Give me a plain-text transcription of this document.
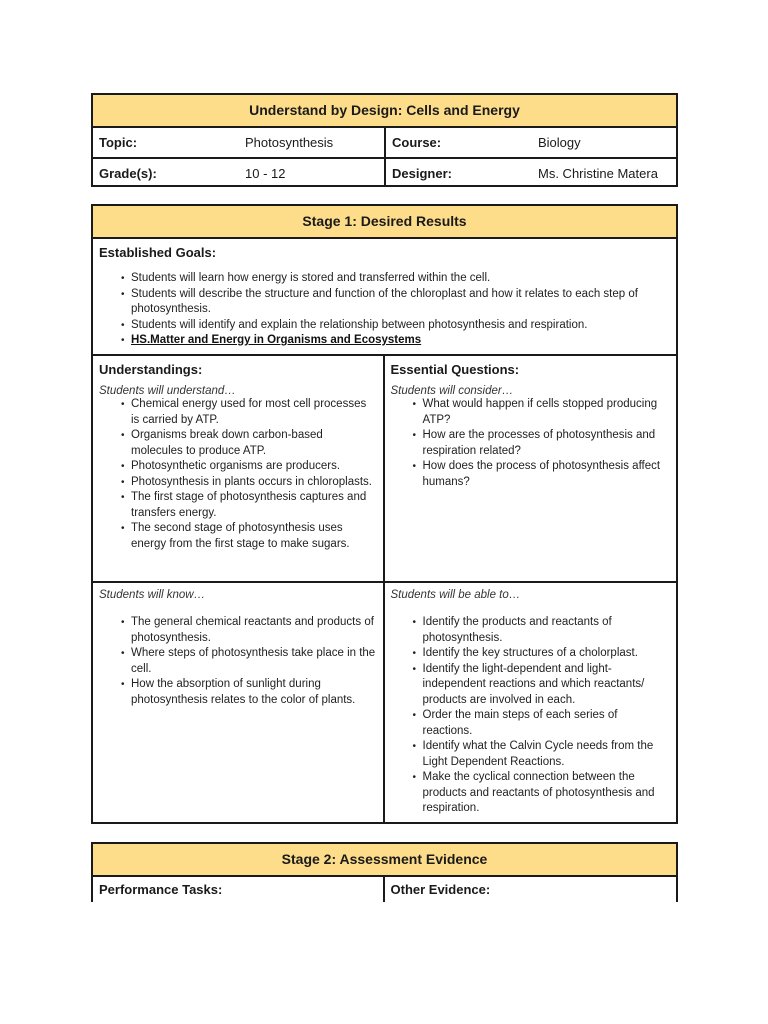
Understand by Design: Cells and Energy
Topic:	Photosynthesis	Course:	Biology
Grade(s):	10 - 12	Designer:	Ms. Christine Matera
Stage 1: Desired Results
Established Goals:
• Students will learn how energy is stored and transferred within the cell.
• Students will describe the structure and function of the chloroplast and how it relates to each step of photosynthesis.
• Students will identify and explain the relationship between photosynthesis and respiration.
• HS.Matter and Energy in Organisms and Ecosystems
Understandings:
Students will understand…
• Chemical energy used for most cell processes is carried by ATP.
• Organisms break down carbon-based molecules to produce ATP.
• Photosynthetic organisms are producers.
• Photosynthesis in plants occurs in chloroplasts.
• The first stage of photosynthesis captures and transfers energy.
• The second stage of photosynthesis uses energy from the first stage to make sugars.
Essential Questions:
Students will consider…
• What would happen if cells stopped producing ATP?
• How are the processes of photosynthesis and respiration related?
• How does the process of photosynthesis affect humans?
Students will know…
• The general chemical reactants and products of photosynthesis.
• Where steps of photosynthesis take place in the cell.
• How the absorption of sunlight during photosynthesis relates to the color of plants.
Students will be able to…
• Identify the products and reactants of photosynthesis.
• Identify the key structures of a cholorplast.
• Identify the light-dependent and light-independent reactions and which reactants/ products are involved in each.
• Order the main steps of each series of reactions.
• Identify what the Calvin Cycle needs from the Light Dependent Reactions.
• Make the cyclical connection between the products and reactants of photosynthesis and respiration.
Stage 2: Assessment Evidence
Performance Tasks:	Other Evidence:
